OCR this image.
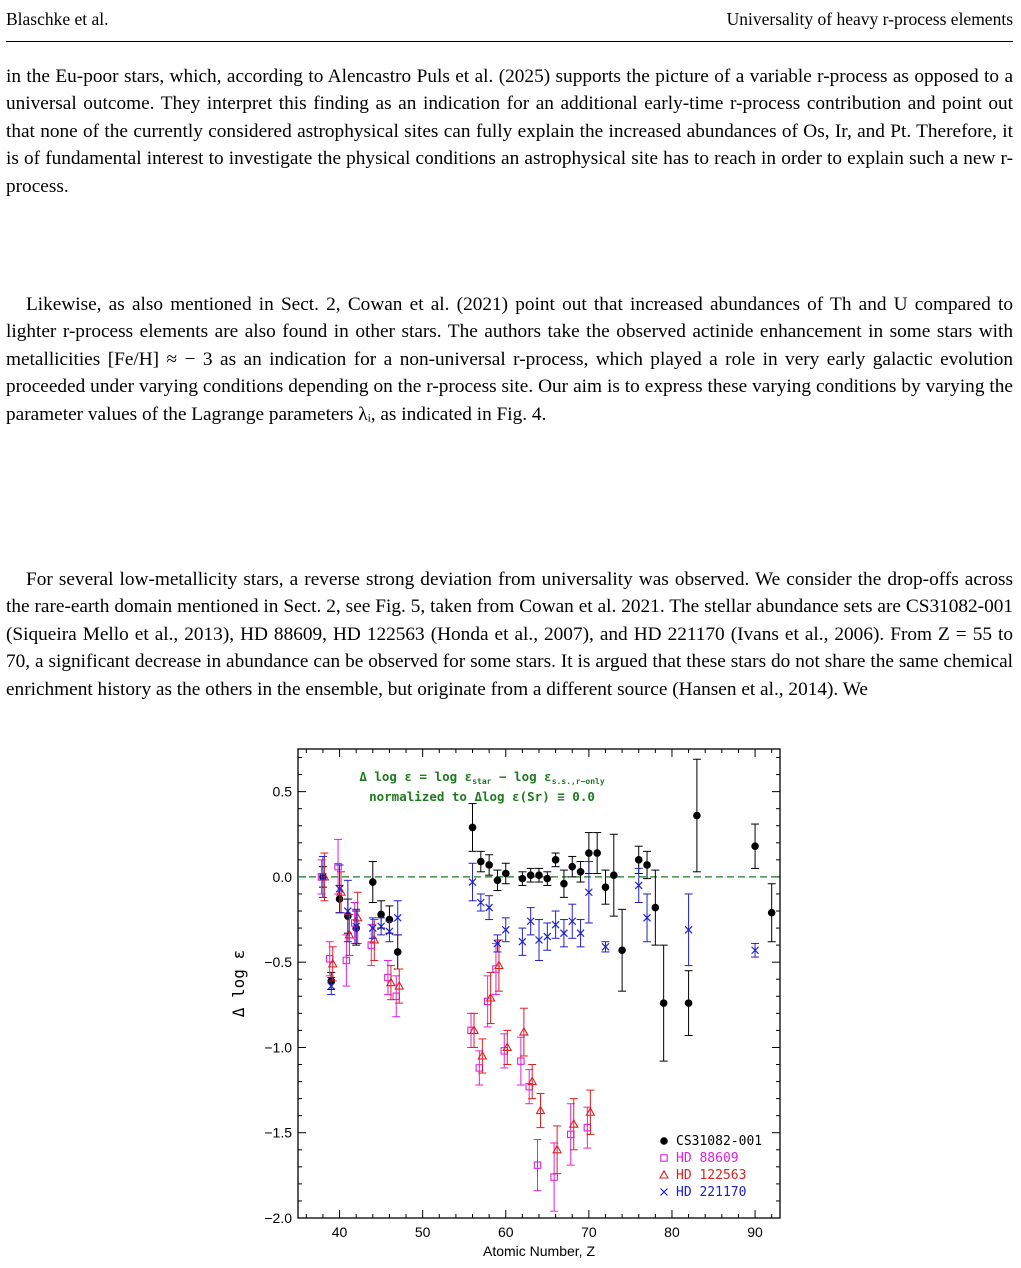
Blaschke et al.	Universality of heavy r-process elements

in the Eu-poor stars, which, according to Alencastro Puls et al. (2025) supports the picture of a variable r-process as opposed to a universal outcome. They interpret this finding as an indication for an additional early-time r-process contribution and point out that none of the currently considered astrophysical sites can fully explain the increased abundances of Os, Ir, and Pt. Therefore, it is of fundamental interest to investigate the physical conditions an astrophysical site has to reach in order to explain such a new r-process.

Likewise, as also mentioned in Sect. 2, Cowan et al. (2021) point out that increased abundances of Th and U compared to lighter r-process elements are also found in other stars. The authors take the observed actinide enhancement in some stars with metallicities [Fe/H] ≈ − 3 as an indication for a non-universal r-process, which played a role in very early galactic evolution proceeded under varying conditions depending on the r-process site. Our aim is to express these varying conditions by varying the parameter values of the Lagrange parameters λᵢ, as indicated in Fig. 4.

For several low-metallicity stars, a reverse strong deviation from universality was observed. We consider the drop-offs across the rare-earth domain mentioned in Sect. 2, see Fig. 5, taken from Cowan et al. 2021. The stellar abundance sets are CS31082-001 (Siqueira Mello et al., 2013), HD 88609, HD 122563 (Honda et al., 2007), and HD 221170 (Ivans et al., 2006). From Z = 55 to 70, a significant decrease in abundance can be observed for some stars. It is argued that these stars do not share the same chemical enrichment history as the others in the ensemble, but originate from a different source (Hansen et al., 2014). We

40	50	60	70	80	90
0.5
0.0
−0.5
−1.0
−1.5
−2.0
Atomic Number, Z
Δ log ε
Δ $\log \varepsilon = \log \varepsilon_{star} - \log \varepsilon_{s.s.,r-only}$
normalized to Δlog ε(Sr) ≡ 0.0
CS31082-001
HD 88609
HD 122563
HD 221170
